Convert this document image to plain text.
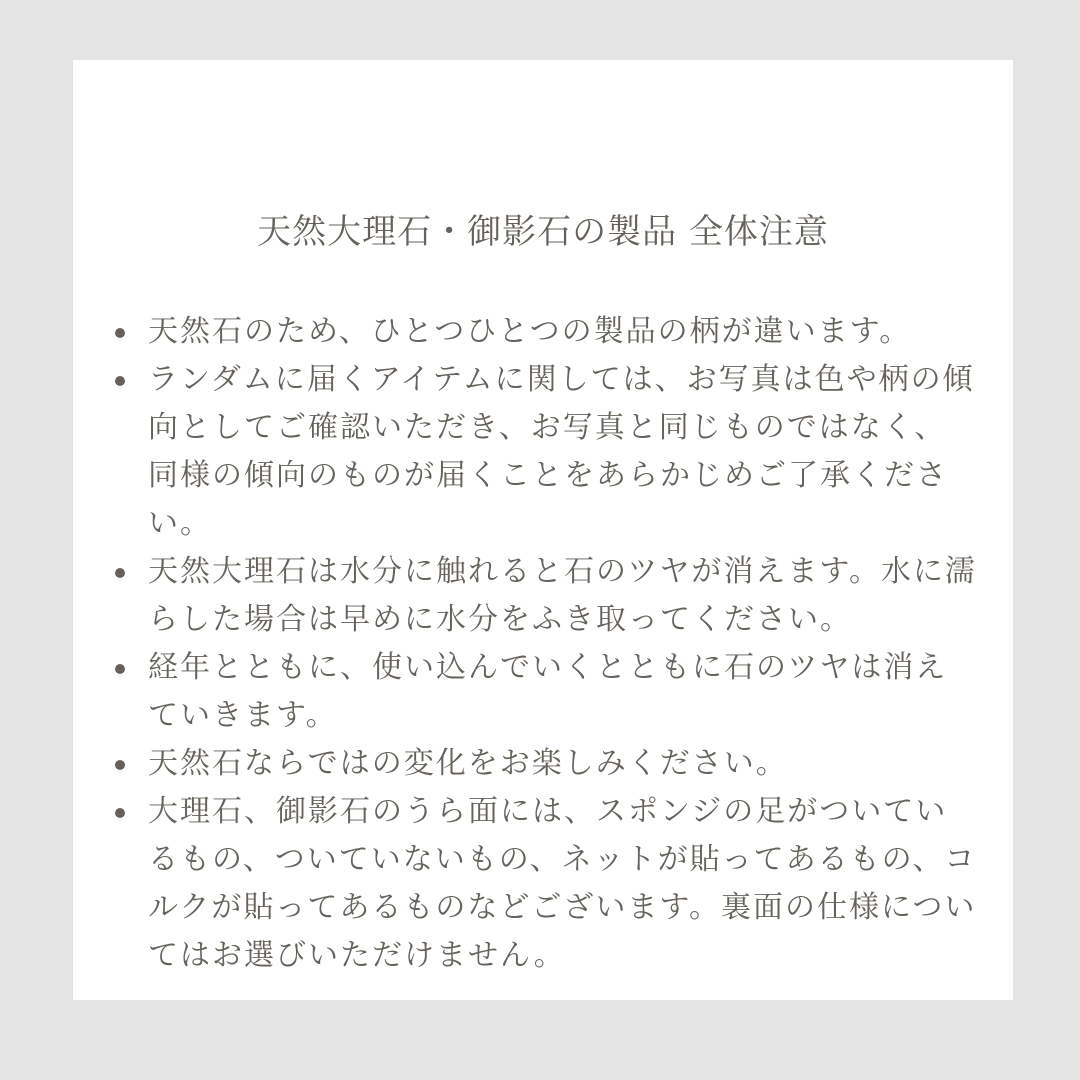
天然大理石・御影石の製品 全体注意
天然石のため、ひとつひとつの製品の柄が違います。
ランダムに届くアイテムに関しては、お写真は色や柄の傾向としてご確認いただき、お写真と同じものではなく、同様の傾向のものが届くことをあらかじめご了承ください。
天然大理石は水分に触れると石のツヤが消えます。水に濡らした場合は早めに水分をふき取ってください。
経年とともに、使い込んでいくとともに石のツヤは消えていきます。
天然石ならではの変化をお楽しみください。
大理石、御影石のうら面には、スポンジの足がついているもの、ついていないもの、ネットが貼ってあるもの、コルクが貼ってあるものなどございます。裏面の仕様についてはお選びいただけません。
